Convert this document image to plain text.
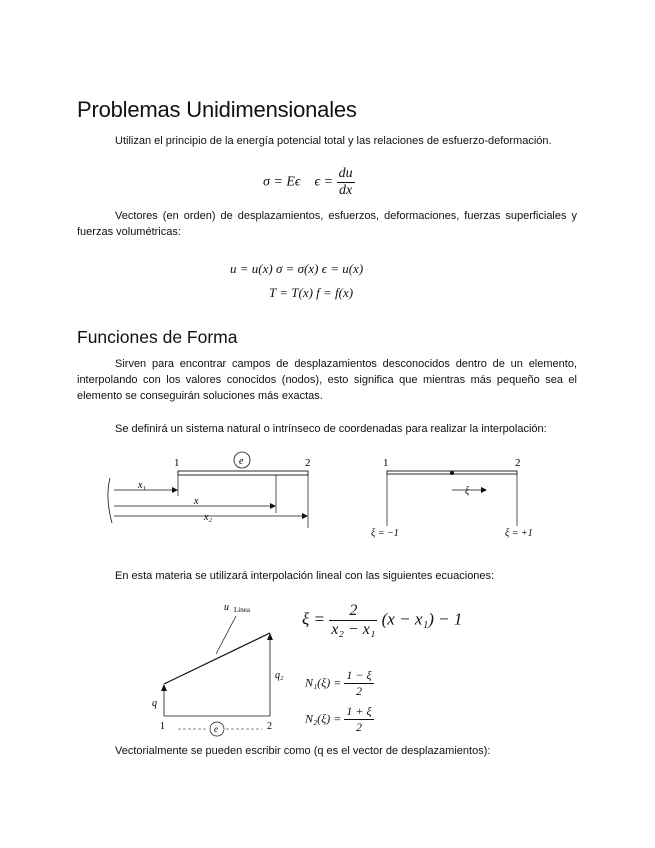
Problemas Unidimensionales
Utilizan el principio de la energía potencial total y las relaciones de esfuerzo-deformación.
σ = Eϵ $\epsilon = \frac{du}{dx}$
Vectores (en orden) de desplazamientos, esfuerzos, deformaciones, fuerzas superficiales y fuerzas volumétricas:
u = u(x) σ = σ(x) ϵ = u(x)
T = T(x) f = f(x)
Funciones de Forma
Sirven para encontrar campos de desplazamientos desconocidos dentro de un elemento, interpolando con los valores conocidos (nodos), esto significa que mientras más pequeño sea el elemento se conseguirán soluciones más exactas.
Se definirá un sistema natural o intrínseco de coordenadas para realizar la interpolación:
1	2
e
x₁
x
x₂
1	2
ξ
ξ = −1	ξ = +1
En esta materia se utilizará interpolación lineal con las siguientes ecuaciones:
u Linea
q
q₂
1	2
e
$\xi = \frac{2}{\text{x₂ − x₁}} (x - x_1) - 1$
$N_1(\xi) = \frac{1 - \xi}{2}$
$N_2(\xi) = \frac{1 + \xi}{2}$
Vectorialmente se pueden escribir como (q es el vector de desplazamientos):
